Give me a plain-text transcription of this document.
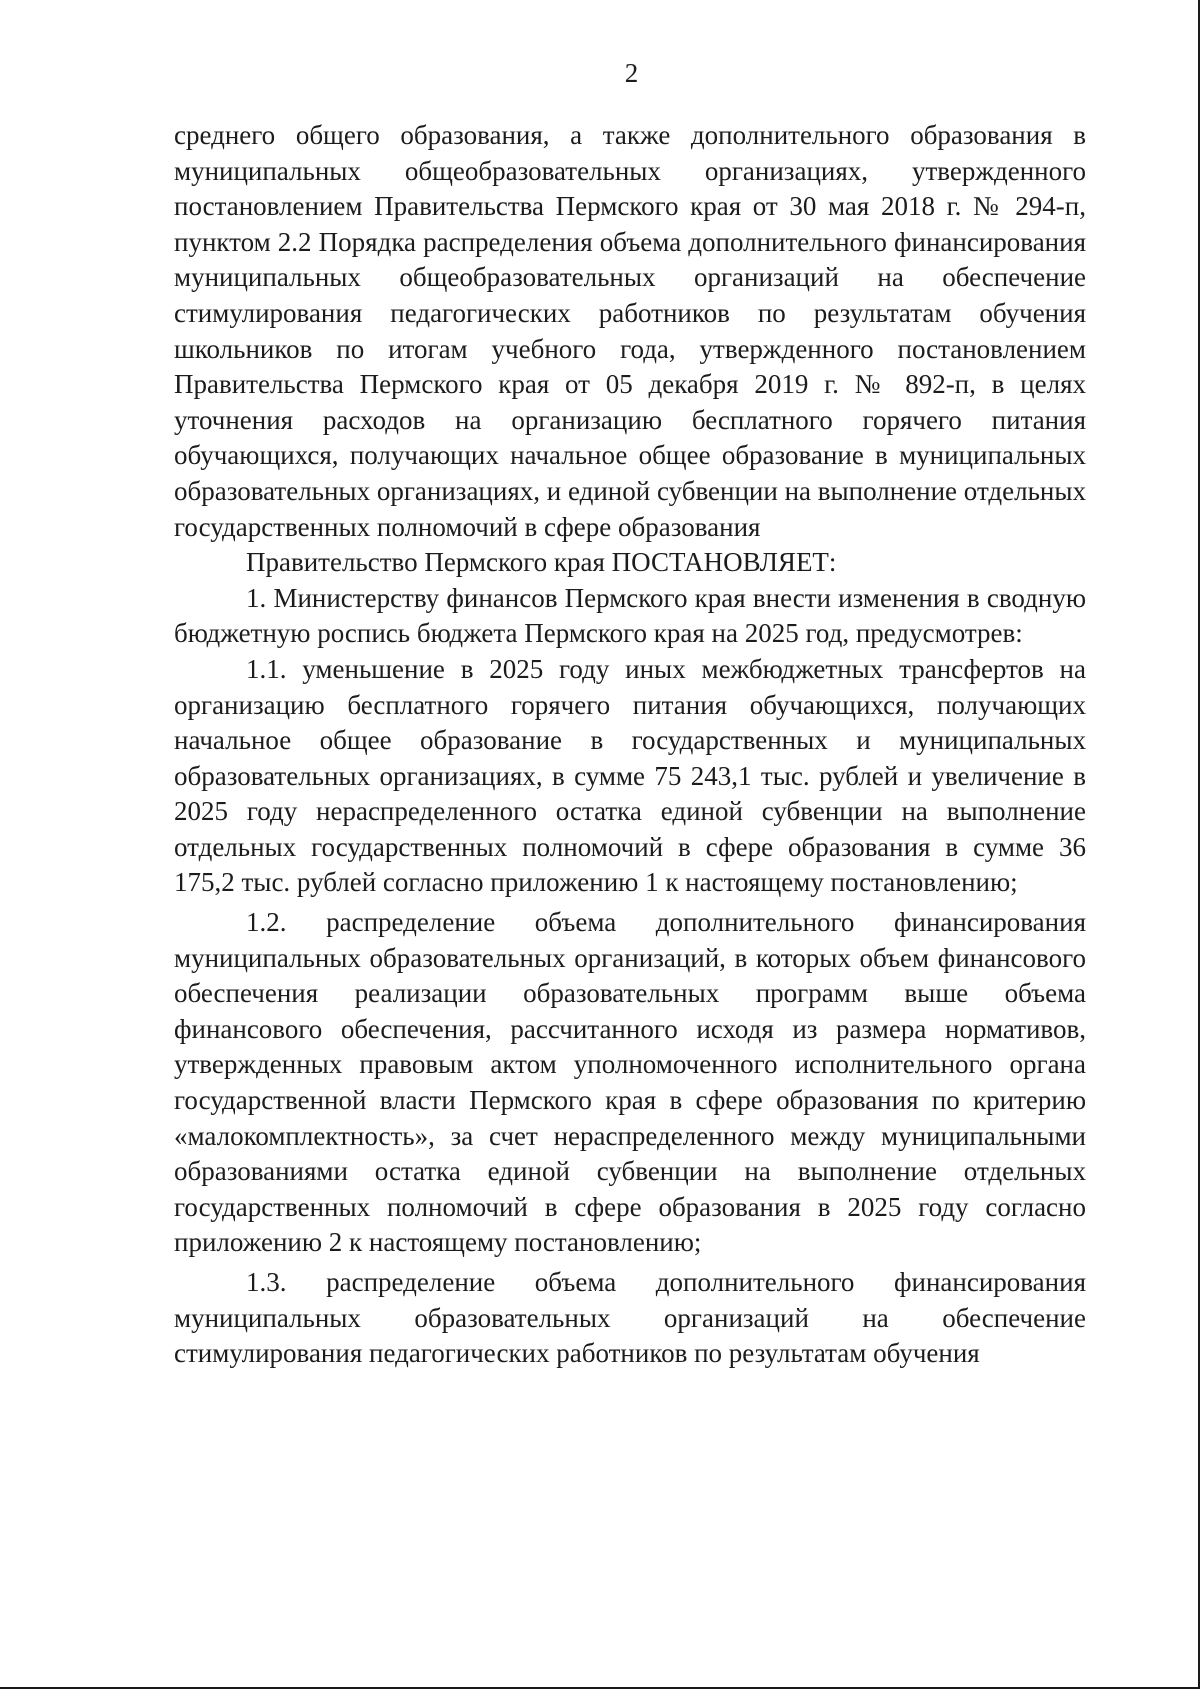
2

среднего общего образования, а также дополнительного образования в муниципальных общеобразовательных организациях, утвержденного постановлением Правительства Пермского края от 30 мая 2018 г. № 294-п, пунктом 2.2 Порядка распределения объема дополнительного финансирования муниципальных общеобразовательных организаций на обеспечение стимулирования педагогических работников по результатам обучения школьников по итогам учебного года, утвержденного постановлением Правительства Пермского края от 05 декабря 2019 г. № 892-п, в целях уточнения расходов на организацию бесплатного горячего питания обучающихся, получающих начальное общее образование в муниципальных образовательных организациях, и единой субвенции на выполнение отдельных государственных полномочий в сфере образования

Правительство Пермского края ПОСТАНОВЛЯЕТ:

1. Министерству финансов Пермского края внести изменения в сводную бюджетную роспись бюджета Пермского края на 2025 год, предусмотрев:

1.1. уменьшение в 2025 году иных межбюджетных трансфертов на организацию бесплатного горячего питания обучающихся, получающих начальное общее образование в государственных и муниципальных образовательных организациях, в сумме 75 243,1 тыс. рублей и увеличение в 2025 году нераспределенного остатка единой субвенции на выполнение отдельных государственных полномочий в сфере образования в сумме 36 175,2 тыс. рублей согласно приложению 1 к настоящему постановлению;

1.2. распределение объема дополнительного финансирования муниципальных образовательных организаций, в которых объем финансового обеспечения реализации образовательных программ выше объема финансового обеспечения, рассчитанного исходя из размера нормативов, утвержденных правовым актом уполномоченного исполнительного органа государственной власти Пермского края в сфере образования по критерию «малокомплектность», за счет нераспределенного между муниципальными образованиями остатка единой субвенции на выполнение отдельных государственных полномочий в сфере образования в 2025 году согласно приложению 2 к настоящему постановлению;

1.3. распределение объема дополнительного финансирования муниципальных образовательных организаций на обеспечение стимулирования педагогических работников по результатам обучения
